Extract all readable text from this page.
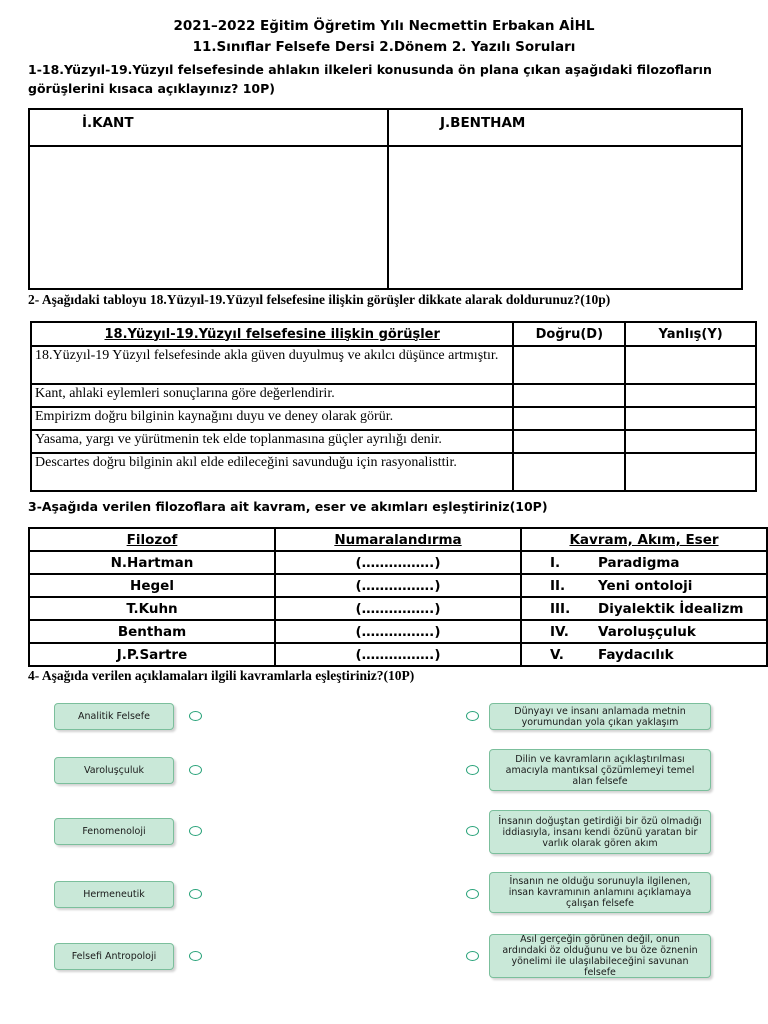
2021–2022 Eğitim Öğretim Yılı Necmettin Erbakan AİHL
11.Sınıflar Felsefe Dersi 2.Dönem 2. Yazılı Soruları
1-18.Yüzyıl-19.Yüzyıl felsefesinde ahlakın ilkeleri konusunda ön plana çıkan aşağıdaki filozofların görüşlerini kısaca açıklayınız? 10P)
İ.KANT	J.BENTHAM
2- Aşağıdaki tabloyu 18.Yüzyıl-19.Yüzyıl felsefesine ilişkin görüşler dikkate alarak doldurunuz?(10p)
18.Yüzyıl-19.Yüzyıl felsefesine ilişkin görüşler	Doğru(D)	Yanlış(Y)
18.Yüzyıl-19 Yüzyıl felsefesinde akla güven duyulmuş ve akılcı düşünce artmıştır.		
Kant, ahlaki eylemleri sonuçlarına göre değerlendirir.		
Empirizm doğru bilginin kaynağını duyu ve deney olarak görür.		
Yasama, yargı ve yürütmenin tek elde toplanmasına güçler ayrılığı denir.		
Descartes doğru bilginin akıl elde edileceğini savunduğu için rasyonalisttir.		
3-Aşağıda verilen filozoflara ait kavram, eser ve akımları eşleştiriniz(10P)
Filozof	Numaralandırma	Kavram, Akım, Eser
N.Hartman	(…………….)	I. Paradigma
Hegel	(…………….)	II. Yeni ontoloji
T.Kuhn	(…………….)	III. Diyalektik İdealizm
Bentham	(…………….)	IV. Varoluşçuluk
J.P.Sartre	(…………….)	V. Faydacılık
4- Aşağıda verilen açıklamaları ilgili kavramlarla eşleştiriniz?(10P)
Analitik Felsefe
Varoluşçuluk
Fenomenoloji
Hermeneutik
Felsefi Antropoloji
Dünyayı ve insanı anlamada metnin yorumundan yola çıkan yaklaşım
Dilin ve kavramların açıklaştırılması amacıyla mantıksal çözümlemeyi temel alan felsefe
İnsanın doğuştan getirdiği bir özü olmadığı iddiasıyla, insanı kendi özünü yaratan bir varlık olarak gören akım
İnsanın ne olduğu sorunuyla ilgilenen, insan kavramının anlamını açıklamaya çalışan felsefe
Asıl gerçeğin görünen değil, onun ardındaki öz olduğunu ve bu öze öznenin yönelimi ile ulaşılabileceğini savunan felsefe
